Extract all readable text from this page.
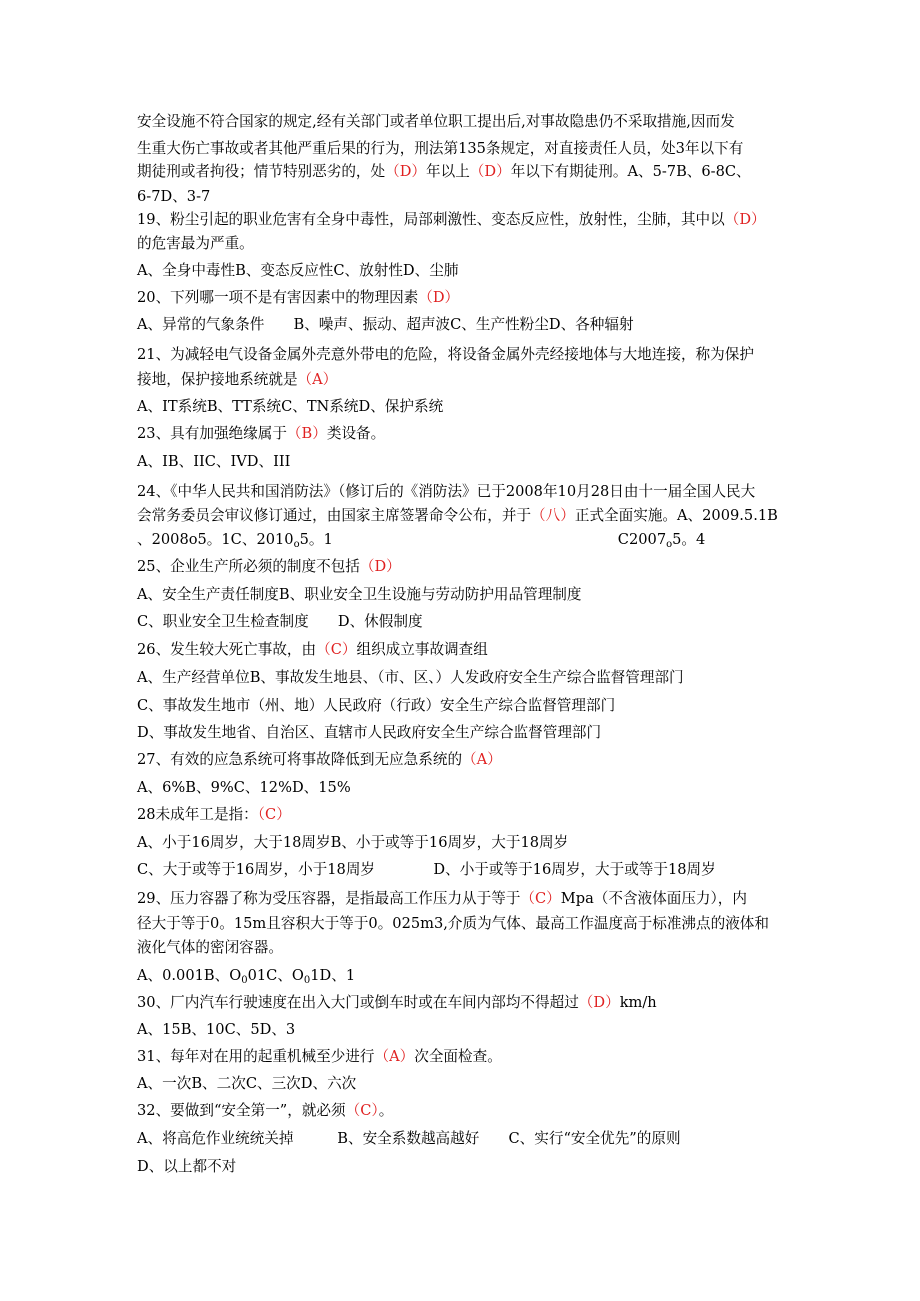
安全设施不符合国家的规定,经有关部门或者单位职工提出后,对事故隐患仍不采取措施,因而发
生重大伤亡事故或者其他严重后果的行为，刑法第135条规定，对直接责任人员，处3年以下有
期徒刑或者拘役；情节特别恶劣的，处（D）年以上（D）年以下有期徒刑。A、5-7B、6-8C、
6-7D、3-7
19、粉尘引起的职业危害有全身中毒性，局部刺激性、变态反应性，放射性，尘肺，其中以（D）
的危害最为严重。
A、全身中毒性B、变态反应性C、放射性D、尘肺
20、下列哪一项不是有害因素中的物理因素（D）
A、异常的气象条件　　B、噪声、振动、超声波C、生产性粉尘D、各种辐射
21、为减轻电气设备金属外壳意外带电的危险，将设备金属外壳经接地体与大地连接，称为保护
接地，保护接地系统就是（A）
A、IT系统B、TT系统C、TN系统D、保护系统
23、具有加强绝缘属于（B）类设备。
A、IB、IIC、IVD、III
24、《中华人民共和国消防法》（修订后的《消防法》已于2008年10月28日由十一届全国人民大
会常务委员会审议修订通过，由国家主席签署命令公布，并于（八）正式全面实施。A、2009.5.1B
、2008o5。1C、$2010_o5$。1	$C2007_o5$。4
25、企业生产所必须的制度不包括（D）
A、安全生产责任制度B、职业安全卫生设施与劳动防护用品管理制度
C、职业安全卫生检查制度　　D、休假制度
26、发生较大死亡事故，由（C）组织成立事故调查组
A、生产经营单位B、事故发生地县、（市、区、）人发政府安全生产综合监督管理部门
C、事故发生地市（州、地）人民政府（行政）安全生产综合监督管理部门
D、事故发生地省、自治区、直辖市人民政府安全生产综合监督管理部门
27、有效的应急系统可将事故降低到无应急系统的（A）
A、6%B、9%C、12%D、15%
28未成年工是指：（C）
A、小于16周岁，大于18周岁B、小于或等于16周岁，大于18周岁
C、大于或等于16周岁，小于18周岁　　　　D、小于或等于16周岁，大于或等于18周岁
29、压力容器了称为受压容器，是指最高工作压力从于等于（C）Mpa（不含液体面压力），内
径大于等于0。15m且容积大于等于0。025m3,介质为气体、最高工作温度高于标准沸点的液体和
液化气体的密闭容器。
A、0.001B、$O_001C$、$O_01D$、1
30、厂内汽车行驶速度在出入大门或倒车时或在车间内部均不得超过（D）km/h
A、15B、10C、5D、3
31、每年对在用的起重机械至少进行（A）次全面检查。
A、一次B、二次C、三次D、六次
32、要做到“安全第一”，就必须（C）。
A、将高危作业统统关掉　　　B、安全系数越高越好　　C、实行“安全优先”的原则
D、以上都不对
